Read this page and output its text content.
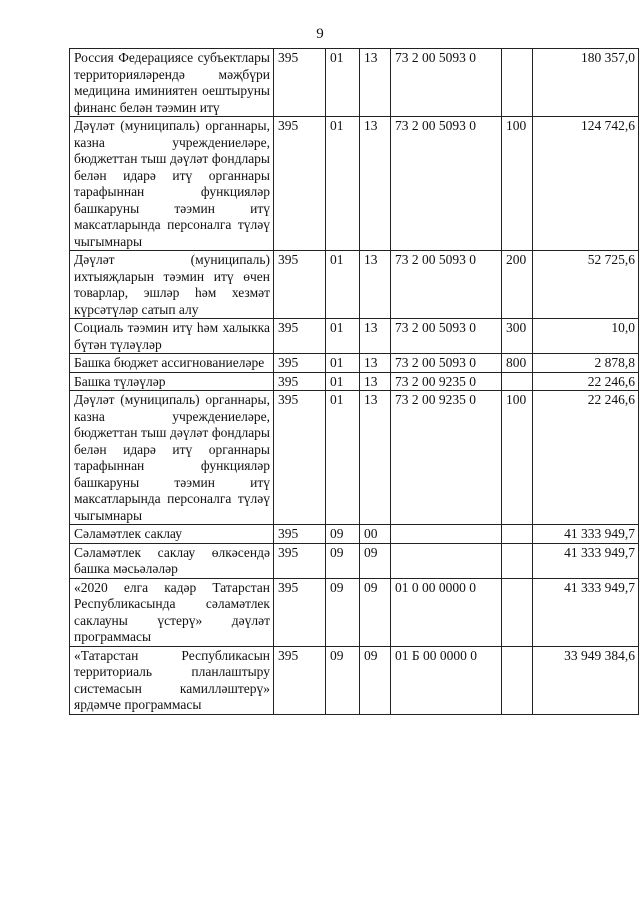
9
Россия Федерациясе субъектлары территорияләрендә мәҗбүри медицина иминиятен оештыруны финанс белән тәэмин итү	395	01	13	73 2 00 5093 0		180 357,0
Дәүләт (муниципаль) органнары, казна учреждениеләре, бюджеттан тыш дәүләт фондлары белән идарә итү органнары тарафыннан функцияләр башкаруны тәэмин итү максатларында персоналга түләү чыгымнары	395	01	13	73 2 00 5093 0	100	124 742,6
Дәүләт (муниципаль) ихтыяҗларын тәэмин итү өчен товарлар, эшләр һәм хезмәт күрсәтүләр сатып алу	395	01	13	73 2 00 5093 0	200	52 725,6
Социаль тәэмин итү һәм халыкка бүтән түләүләр	395	01	13	73 2 00 5093 0	300	10,0
Башка бюджет ассигнованиеләре	395	01	13	73 2 00 5093 0	800	2 878,8
Башка түләүләр	395	01	13	73 2 00 9235 0		22 246,6
Дәүләт (муниципаль) органнары, казна учреждениеләре, бюджеттан тыш дәүләт фондлары белән идарә итү органнары тарафыннан функцияләр башкаруны тәэмин итү максатларында персоналга түләү чыгымнары	395	01	13	73 2 00 9235 0	100	22 246,6
Сәламәтлек саклау	395	09	00			41 333 949,7
Сәламәтлек саклау өлкәсендә башка мәсьәләләр	395	09	09			41 333 949,7
«2020 елга кадәр Татарстан Республикасында сәламәтлек саклауны үстерү» дәүләт программасы	395	09	09	01 0 00 0000 0		41 333 949,7
«Татарстан Республикасын территориаль планлаштыру системасын камилләштерү» ярдәмче программасы	395	09	09	01 Б 00 0000 0		33 949 384,6
